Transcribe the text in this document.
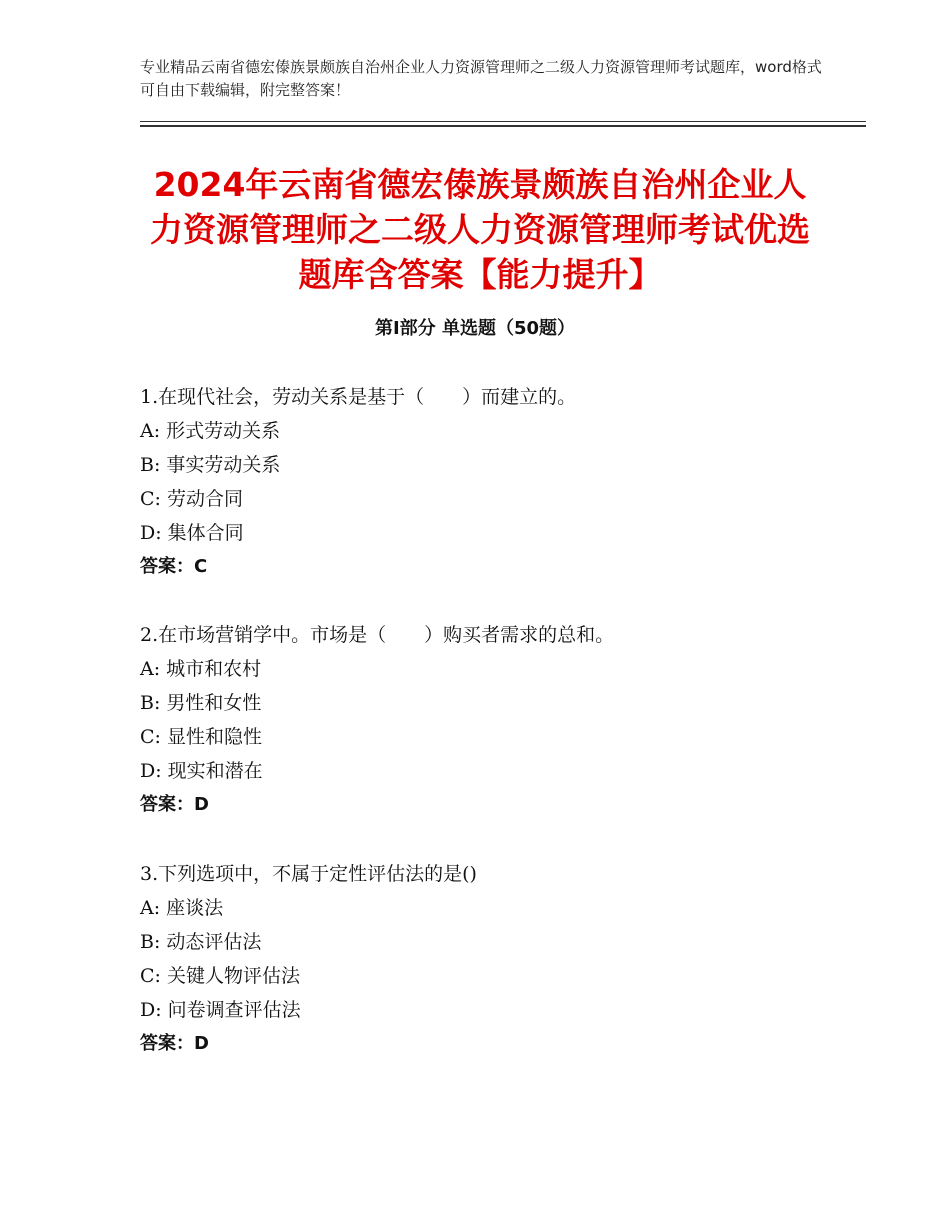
专业精品云南省德宏傣族景颇族自治州企业人力资源管理师之二级人力资源管理师考试题库，word格式可自由下载编辑，附完整答案！
2024年云南省德宏傣族景颇族自治州企业人力资源管理师之二级人力资源管理师考试优选题库含答案【能力提升】
第Ⅰ部分 单选题（50题）
1.在现代社会，劳动关系是基于（　　）而建立的。
A: 形式劳动关系
B: 事实劳动关系
C: 劳动合同
D: 集体合同
答案：C
2.在市场营销学中。市场是（　　）购买者需求的总和。
A: 城市和农村
B: 男性和女性
C: 显性和隐性
D: 现实和潜在
答案：D
3.下列选项中，不属于定性评估法的是()
A: 座谈法
B: 动态评估法
C: 关键人物评估法
D: 问卷调查评估法
答案：D
